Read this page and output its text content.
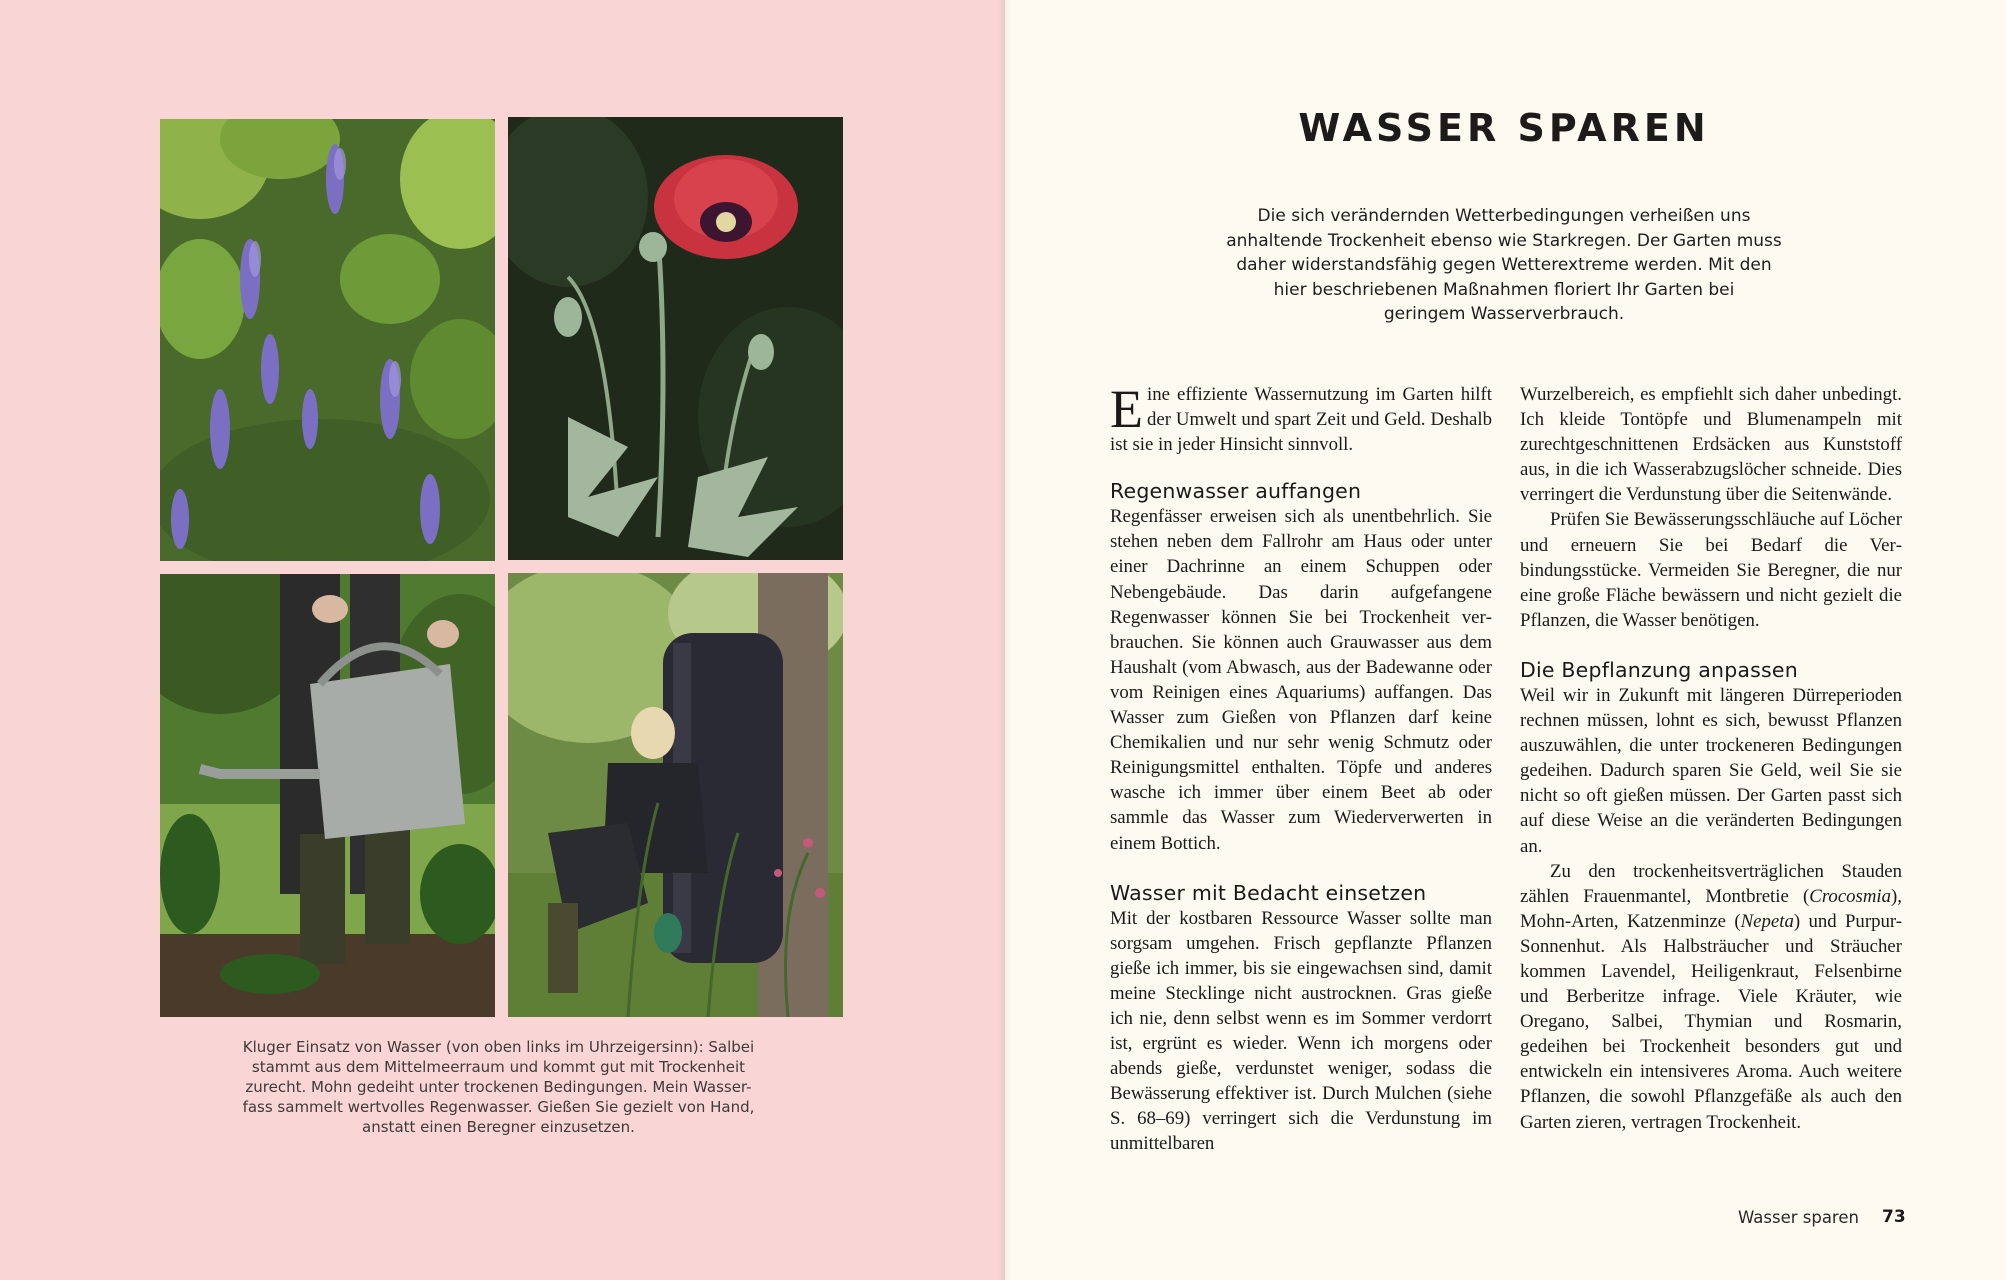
Kluger Einsatz von Wasser (von oben links im Uhrzeigersinn): Salbei
stammt aus dem Mittelmeerraum und kommt gut mit Trockenheit
zurecht. Mohn gedeiht unter trockenen Bedingungen. Mein Wasser-
fass sammelt wertvolles Regenwasser. Gießen Sie gezielt von Hand,
anstatt einen Beregner einzusetzen.
WASSER SPAREN
Die sich verändernden Wetterbedingungen verheißen uns
anhaltende Trockenheit ebenso wie Starkregen. Der Garten muss
daher widerstandsfähig gegen Wetterextreme werden. Mit den
hier beschriebenen Maßnahmen floriert Ihr Garten bei
geringem Wasserverbrauch.

Eine effiziente Wassernutzung im Garten hilft der Umwelt und spart Zeit und Geld. Deshalb ist sie in jeder Hinsicht sinnvoll.

Regenwasser auffangen

Regenfässer erweisen sich als unentbehrlich. Sie stehen neben dem Fallrohr am Haus oder unter einer Dachrinne an einem Schuppen oder Nebengebäude. Das darin aufgefangene Regenwasser können Sie bei Trockenheit verbrauchen. Sie können auch Grauwasser aus dem Haushalt (vom Abwasch, aus der Badewanne oder vom Reinigen eines Aquariums) auffangen. Das Wasser zum Gießen von Pflanzen darf keine Chemikalien und nur sehr wenig Schmutz oder Reinigungsmittel enthalten. Töpfe und anderes wasche ich immer über einem Beet ab oder sammle das Wasser zum Wiederverwerten in einem Bottich.

Wasser mit Bedacht einsetzen

Mit der kostbaren Ressource Wasser sollte man sorgsam umgehen. Frisch gepflanzte Pflanzen gieße ich immer, bis sie eingewachsen sind, damit meine Stecklinge nicht austrocknen. Gras gieße ich nie, denn selbst wenn es im Sommer verdorrt ist, ergrünt es wieder. Wenn ich morgens oder abends gieße, verdunstet weniger, sodass die Bewässerung effektiver ist. Durch Mulchen (siehe S. 68–69) verringert sich die Verdunstung im unmittelbaren

Wurzelbereich, es empfiehlt sich daher unbedingt. Ich kleide Tontöpfe und Blumenampeln mit zurechtgeschnittenen Erdsäcken aus Kunststoff aus, in die ich Wasserabzugslöcher schneide. Dies verringert die Verdunstung über die Seitenwände.

Prüfen Sie Bewässerungsschläuche auf Löcher und erneuern Sie bei Bedarf die Verbindungsstücke. Vermeiden Sie Beregner, die nur eine große Fläche bewässern und nicht gezielt die Pflanzen, die Wasser benötigen.

Die Bepflanzung anpassen

Weil wir in Zukunft mit längeren Dürreperioden rechnen müssen, lohnt es sich, bewusst Pflanzen auszuwählen, die unter trockeneren Bedingungen gedeihen. Dadurch sparen Sie Geld, weil Sie sie nicht so oft gießen müssen. Der Garten passt sich auf diese Weise an die veränderten Bedingungen an.

Zu den trockenheitsverträglichen Stauden zählen Frauenmantel, Montbretie (Crocosmia), Mohn-Arten, Katzenminze (Nepeta) und Purpur-Sonnenhut. Als Halbsträucher und Sträucher kommen Lavendel, Heiligenkraut, Felsenbirne und Berberitze infrage. Viele Kräuter, wie Oregano, Salbei, Thymian und Rosmarin, gedeihen bei Trockenheit besonders gut und entwickeln ein intensiveres Aroma. Auch weitere Pflanzen, die sowohl Pflanzgefäße als auch den Garten zieren, vertragen Trockenheit.

Wasser sparen 73
